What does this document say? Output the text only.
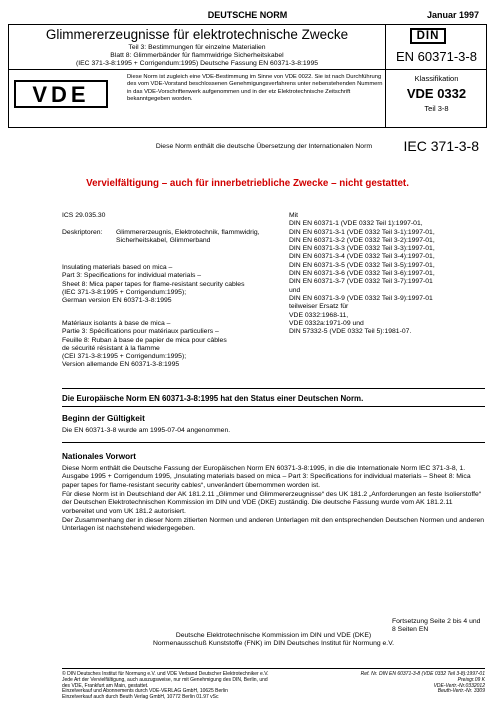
DEUTSCHE NORM	Januar 1997
Glimmererzeugnisse für elektrotechnische Zwecke
Teil 3: Bestimmungen für einzelne Materialien
Blatt 8: Glimmerbänder für flammwidrige Sicherheitskabel
(IEC 371-3-8:1995 + Corrigendum:1995) Deutsche Fassung EN 60371-3-8:1995
DIN
EN 60371-3-8
VDE
Diese Norm ist zugleich eine VDE-Bestimmung im Sinne von VDE 0022. Sie ist nach Durchführung des vom VDE-Vorstand beschlossenen Genehmigungsverfahrens unter nebenstehenden Nummern in das VDE-Vorschriftenwerk aufgenommen und in der etz Elektrotechnische Zeitschrift bekanntgegeben worden.
Klassifikation
VDE 0332
Teil 3-8
Diese Norm enthält die deutsche Übersetzung der Internationalen Norm IEC 371-3-8
Vervielfältigung – auch für innerbetriebliche Zwecke – nicht gestattet.
ICS 29.035.30
Deskriptoren: Glimmererzeugnis, Elektrotechnik, flammwidrig, Sicherheitskabel, Glimmerband
Insulating materials based on mica –
Part 3: Specifications for individual materials –
Sheet 8: Mica paper tapes for flame-resistant security cables
(IEC 371-3-8:1995 + Corrigendum:1995);
German version EN 60371-3-8:1995
Matériaux isolants à base de mica –
Partie 3: Spécifications pour matériaux particuliers –
Feuille 8: Ruban à base de papier de mica pour câbles
de sécurité résistant à la flamme
(CEI 371-3-8:1995 + Corrigendum:1995);
Version allemande EN 60371-3-8:1995
Mit
DIN EN 60371-1 (VDE 0332 Teil 1):1997-01,
DIN EN 60371-3-1 (VDE 0332 Teil 3-1):1997-01,
DIN EN 60371-3-2 (VDE 0332 Teil 3-2):1997-01,
DIN EN 60371-3-3 (VDE 0332 Teil 3-3):1997-01,
DIN EN 60371-3-4 (VDE 0332 Teil 3-4):1997-01,
DIN EN 60371-3-5 (VDE 0332 Teil 3-5):1997-01,
DIN EN 60371-3-6 (VDE 0332 Teil 3-6):1997-01,
DIN EN 60371-3-7 (VDE 0332 Teil 3-7):1997-01
und
DIN EN 60371-3-9 (VDE 0332 Teil 3-9):1997-01
teilweiser Ersatz für
VDE 0332:1968-11,
VDE 0332a:1971-09 und
DIN 57332-5 (VDE 0332 Teil 5):1981-07.
Die Europäische Norm EN 60371-3-8:1995 hat den Status einer Deutschen Norm.
Beginn der Gültigkeit
Die EN 60371-3-8 wurde am 1995-07-04 angenommen.
Nationales Vorwort
Diese Norm enthält die Deutsche Fassung der Europäischen Norm EN 60371-3-8:1995, in die die Internationale Norm IEC 371-3-8, 1. Ausgabe 1995 + Corrigendum 1995, „Insulating materials based on mica – Part 3: Specifications for individual materials – Sheet 8: Mica paper tapes for flame-resistant security cables“, unverändert übernommen worden ist.
Für diese Norm ist in Deutschland der AK 181.2.11 „Glimmer und Glimmererzeugnisse“ des UK 181.2 „Anforderungen an feste Isolierstoffe“ der Deutschen Elektrotechnischen Kommission im DIN und VDE (DKE) zuständig. Die deutsche Fassung wurde vom AK 181.2.11 vorbereitet und vom UK 181.2 autorisiert.
Der Zusammenhang der in dieser Norm zitierten Normen und anderen Unterlagen mit den entsprechenden Deutschen Normen und anderen Unterlagen ist nachstehend wiedergegeben.
Fortsetzung Seite 2 bis 4 und
8 Seiten EN
Deutsche Elektrotechnische Kommission im DIN und VDE (DKE)
Normenausschuß Kunststoffe (FNK) im DIN Deutsches Institut für Normung e.V.
© DIN Deutsches Institut für Normung e.V. und VDE Verband Deutscher Elektrotechniker e.V.
Jede Art der Vervielfältigung, auch auszugsweise, nur mit Genehmigung des DIN, Berlin, und
des VDE, Frankfurt am Main, gestattet.
Einzelverkauf und Abonnements durch VDE-VERLAG GmbH, 10625 Berlin
Einzelverkauf auch durch Beuth Verlag GmbH, 10772 Berlin 01.97 vSc
Ref. Nr. DIN EN 60371-3-8 (VDE 0332 Teil 3-8):1997-01
Preisgr.09 K
VDE-Vertr.-Nr.0332012
Beuth-Vertr.-Nr. 3309
